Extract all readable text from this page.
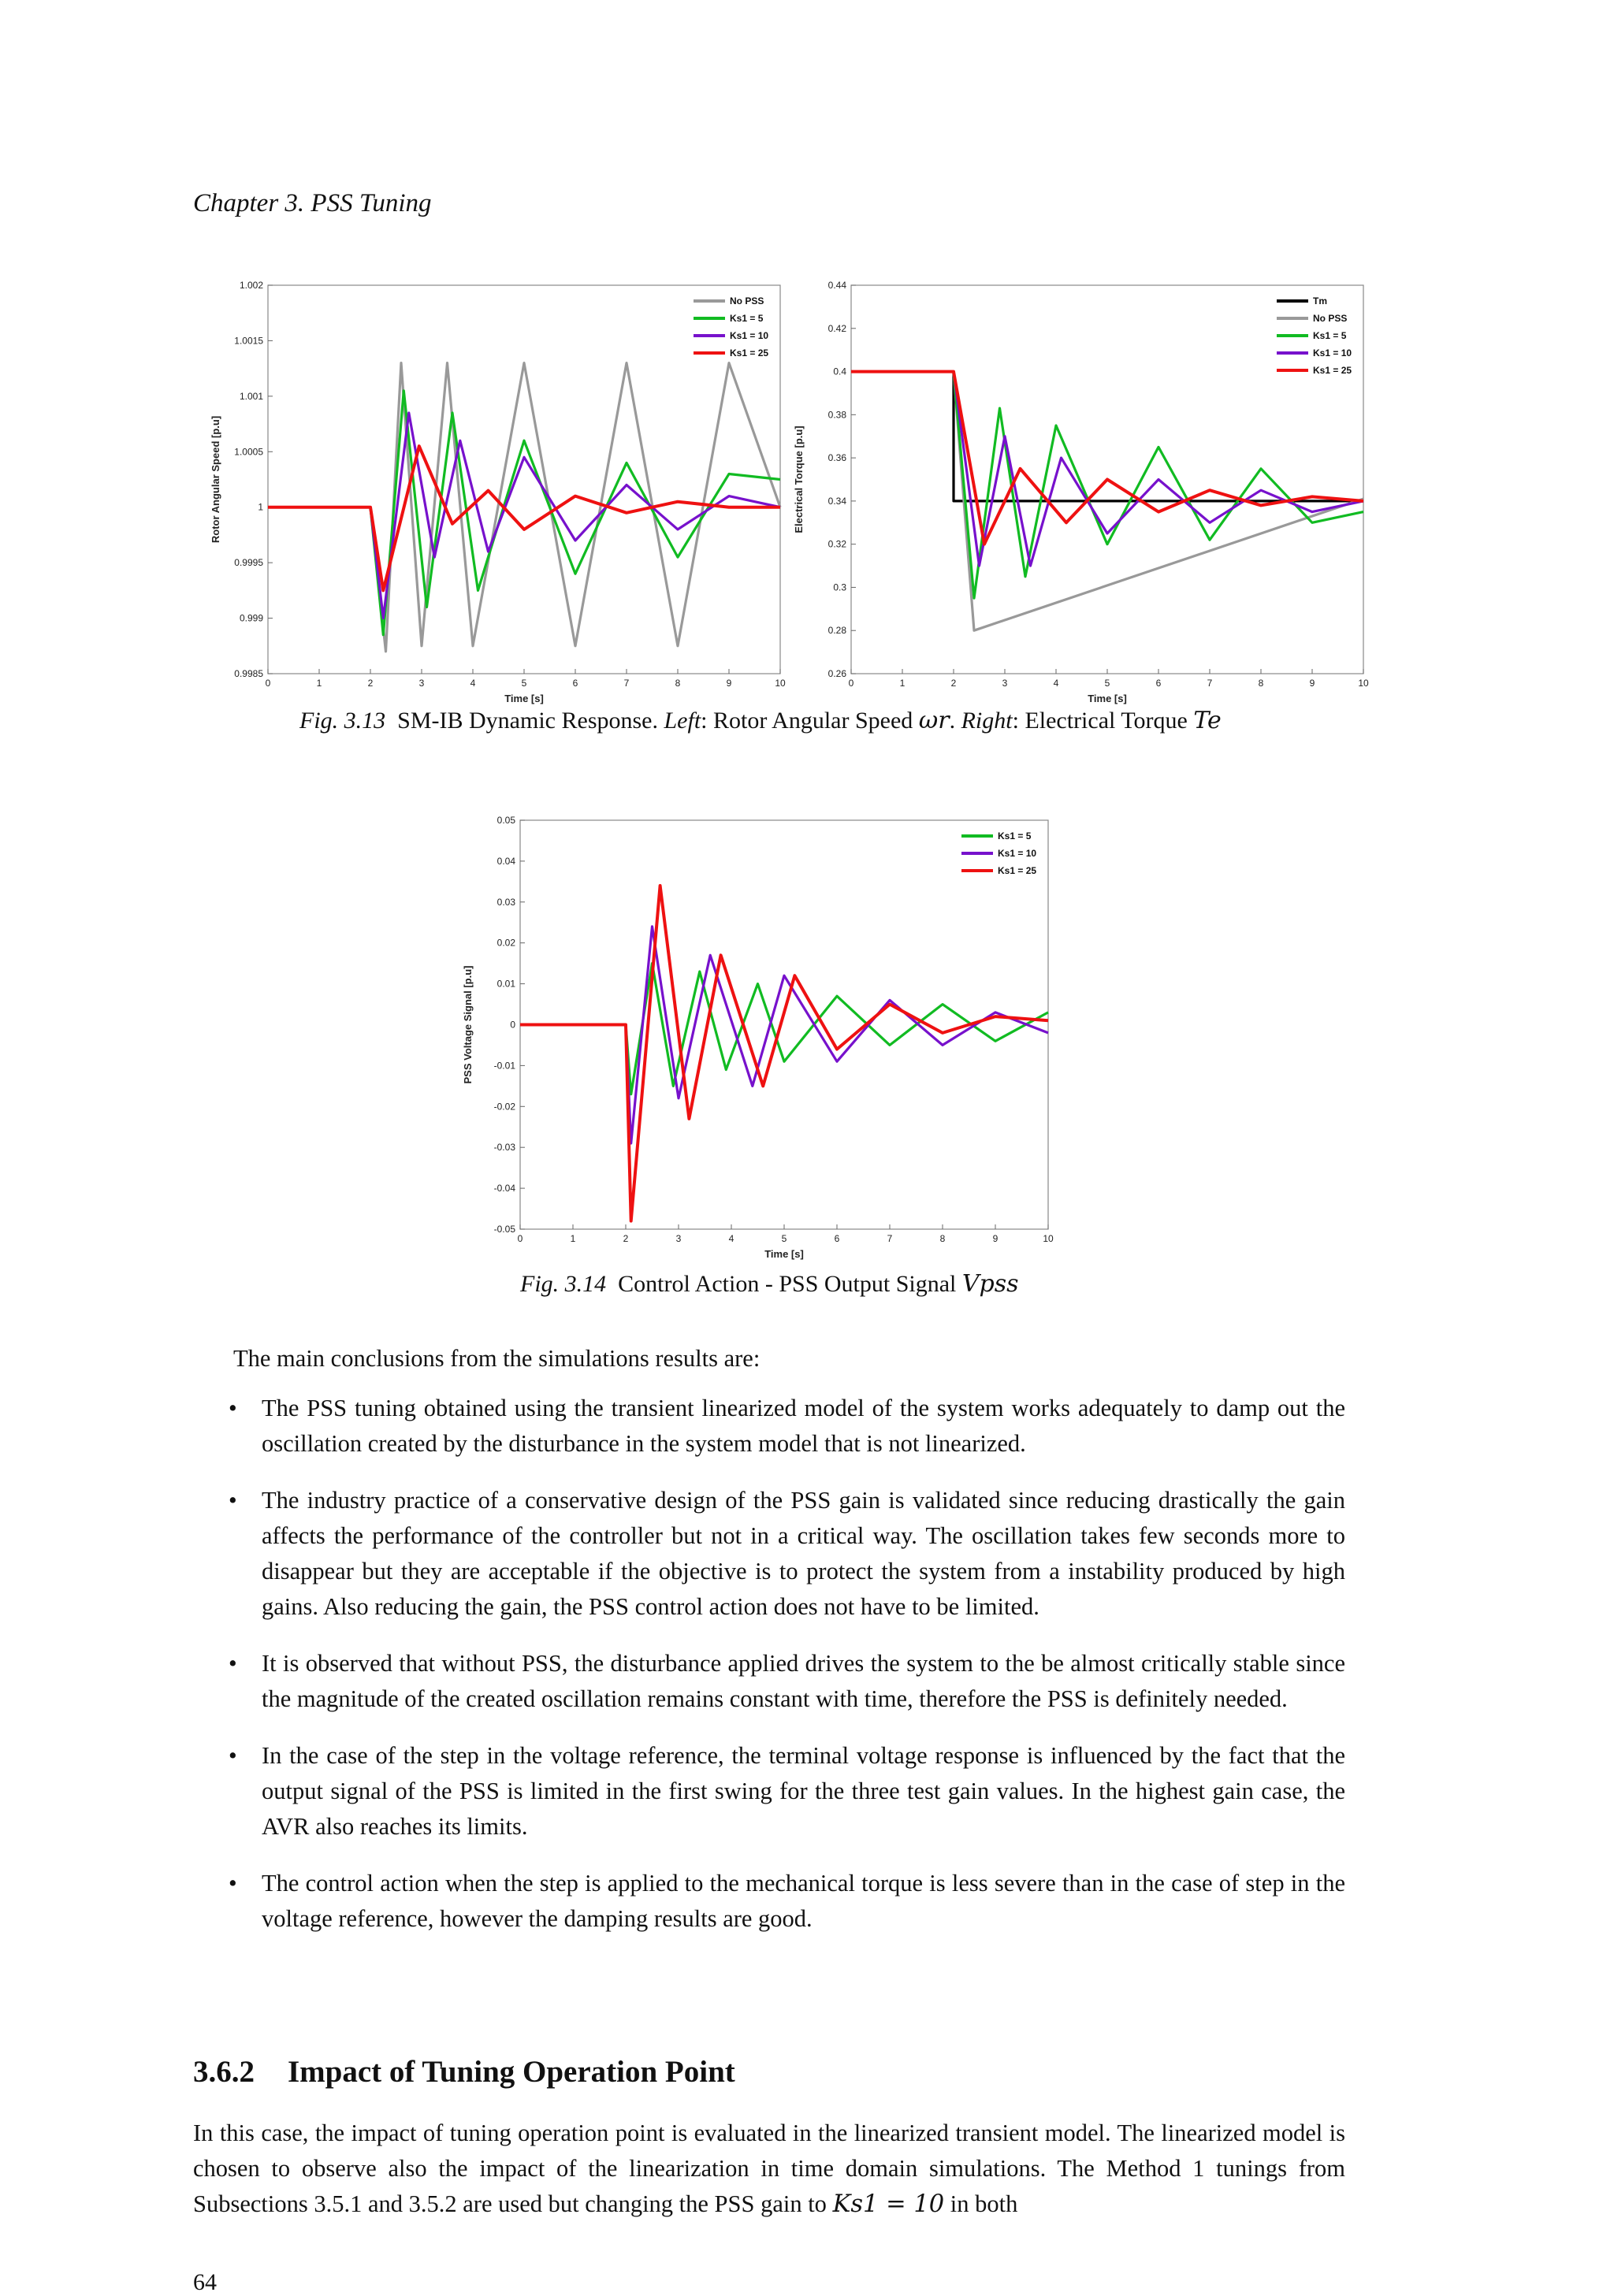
Chapter 3. PSS Tuning
0	1	2	3	4	5	6	7	8	9	10
0.9985
0.999
0.9995
1
1.0005
1.001
1.0015
1.002
Time [s]
Rotor Angular Speed [p.u]
No PSS
Ks1 = 5
Ks1 = 10
Ks1 = 25
0	1	2	3	4	5	6	7	8	9	10
0.26
0.28
0.3
0.32
0.34
0.36
0.38
0.4
0.42
0.44
Time [s]
Electrical Torque [p.u]
Tm
No PSS
Ks1 = 5
Ks1 = 10
Ks1 = 25
Fig. 3.13 SM-IB Dynamic Response. Left: Rotor Angular Speed ωr. Right: Electrical Torque Te
0	1	2	3	4	5	6	7	8	9	10
-0.05
-0.04
-0.03
-0.02
-0.01
0
0.01
0.02
0.03
0.04
0.05
Time [s]
PSS Voltage Signal [p.u]
Ks1 = 5
Ks1 = 10
Ks1 = 25
Fig. 3.14 Control Action - PSS Output Signal Vpss
The main conclusions from the simulations results are:
• The PSS tuning obtained using the transient linearized model of the system works adequately to damp out the oscillation created by the disturbance in the system model that is not linearized.
• The industry practice of a conservative design of the PSS gain is validated since reducing drastically the gain affects the performance of the controller but not in a critical way. The oscillation takes few seconds more to disappear but they are acceptable if the objective is to protect the system from a instability produced by high gains. Also reducing the gain, the PSS control action does not have to be limited.
• It is observed that without PSS, the disturbance applied drives the system to the be almost critically stable since the magnitude of the created oscillation remains constant with time, therefore the PSS is definitely needed.
• In the case of the step in the voltage reference, the terminal voltage response is influenced by the fact that the output signal of the PSS is limited in the first swing for the three test gain values. In the highest gain case, the AVR also reaches its limits.
• The control action when the step is applied to the mechanical torque is less severe than in the case of step in the voltage reference, however the damping results are good.
3.6.2 Impact of Tuning Operation Point
In this case, the impact of tuning operation point is evaluated in the linearized transient model. The linearized model is chosen to observe also the impact of the linearization in time domain simulations. The Method 1 tunings from Subsections 3.5.1 and 3.5.2 are used but changing the PSS gain to Ks1 = 10 in both
64
